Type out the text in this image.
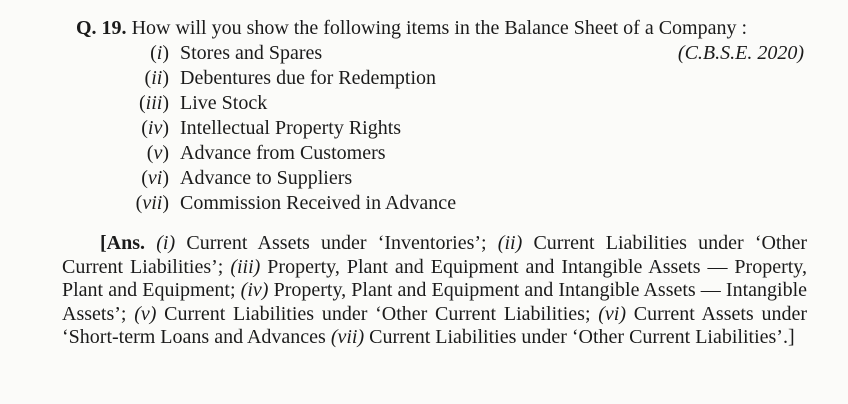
Q. 19. How will you show the following items in the Balance Sheet of a Company :
(i) Stores and Spares	(C.B.S.E. 2020)
(ii) Debentures due for Redemption
(iii) Live Stock
(iv) Intellectual Property Rights
(v) Advance from Customers
(vi) Advance to Suppliers
(vii) Commission Received in Advance
[Ans. (i) Current Assets under ‘Inventories’; (ii) Current Liabilities under ‘Other Current Liabilities’; (iii) Property, Plant and Equipment and Intangible Assets — Property, Plant and Equipment; (iv) Property, Plant and Equipment and Intangible Assets — Intangible Assets’; (v) Current Liabilities under ‘Other Current Liabilities; (vi) Current Assets under ‘Short-term Loans and Advances (vii) Current Liabilities under ‘Other Current Liabilities’.]
